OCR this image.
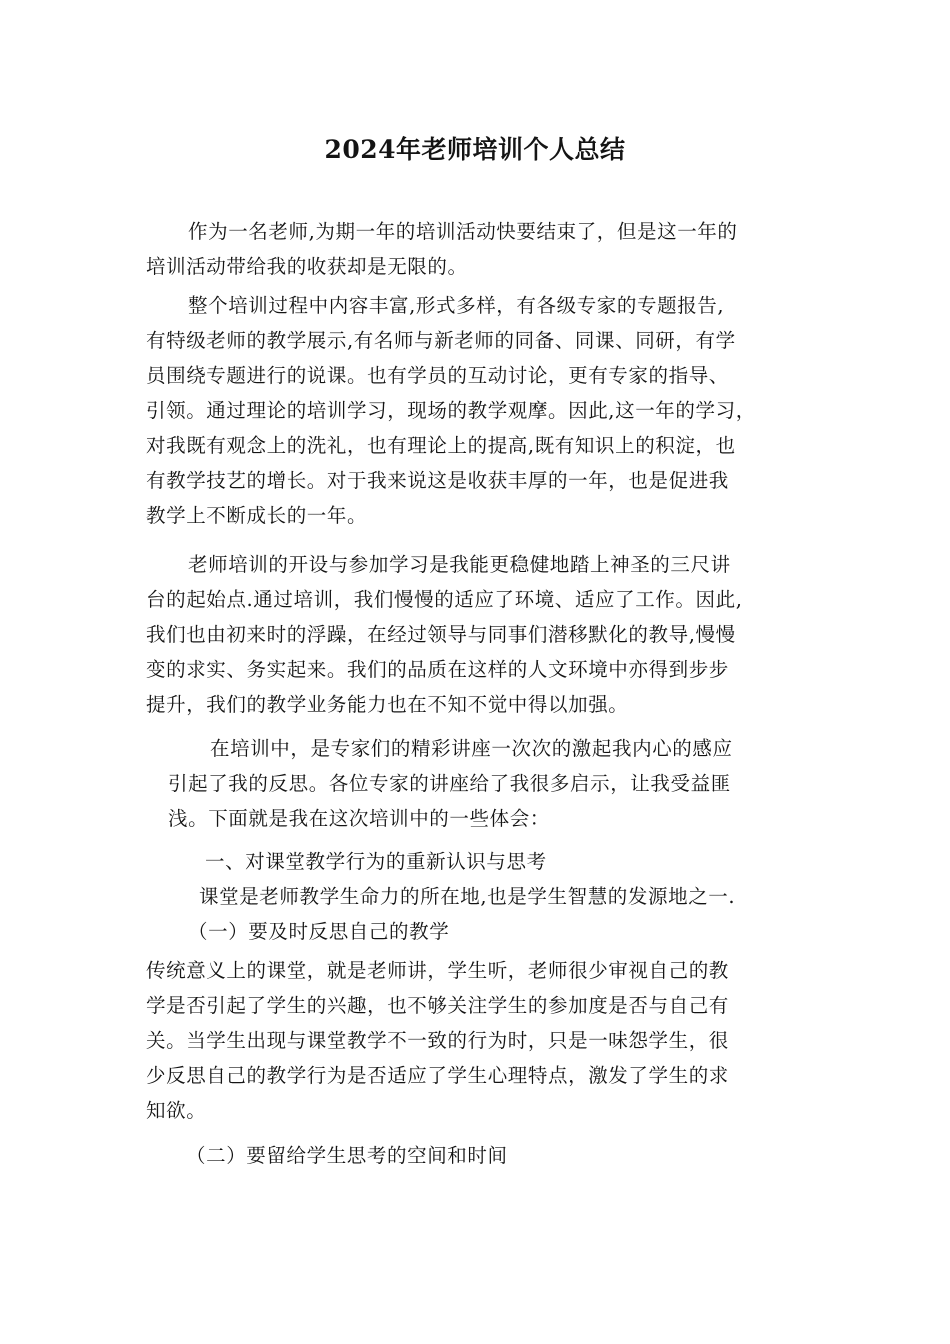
2024年老师培训个人总结
作为一名老师,为期一年的培训活动快要结束了，但是这一年的
培训活动带给我的收获却是无限的。
整个培训过程中内容丰富,形式多样，有各级专家的专题报告,
有特级老师的教学展示,有名师与新老师的同备、同课、同研，有学
员围绕专题进行的说课。也有学员的互动讨论，更有专家的指导、
引领。通过理论的培训学习，现场的教学观摩。因此,这一年的学习，
对我既有观念上的洗礼，也有理论上的提高,既有知识上的积淀，也
有教学技艺的增长。对于我来说这是收获丰厚的一年，也是促进我
教学上不断成长的一年。
老师培训的开设与参加学习是我能更稳健地踏上神圣的三尺讲
台的起始点.通过培训，我们慢慢的适应了环境、适应了工作。因此,
我们也由初来时的浮躁，在经过领导与同事们潜移默化的教导,慢慢
变的求实、务实起来。我们的品质在这样的人文环境中亦得到步步
提升，我们的教学业务能力也在不知不觉中得以加强。
在培训中，是专家们的精彩讲座一次次的激起我内心的感应
引起了我的反思。各位专家的讲座给了我很多启示，让我受益匪
浅。下面就是我在这次培训中的一些体会：
一、对课堂教学行为的重新认识与思考
课堂是老师教学生命力的所在地,也是学生智慧的发源地之一.
（一）要及时反思自己的教学
传统意义上的课堂，就是老师讲，学生听，老师很少审视自己的教
学是否引起了学生的兴趣，也不够关注学生的参加度是否与自己有
关。当学生出现与课堂教学不一致的行为时，只是一味怨学生，很
少反思自己的教学行为是否适应了学生心理特点，激发了学生的求
知欲。
（二）要留给学生思考的空间和时间
